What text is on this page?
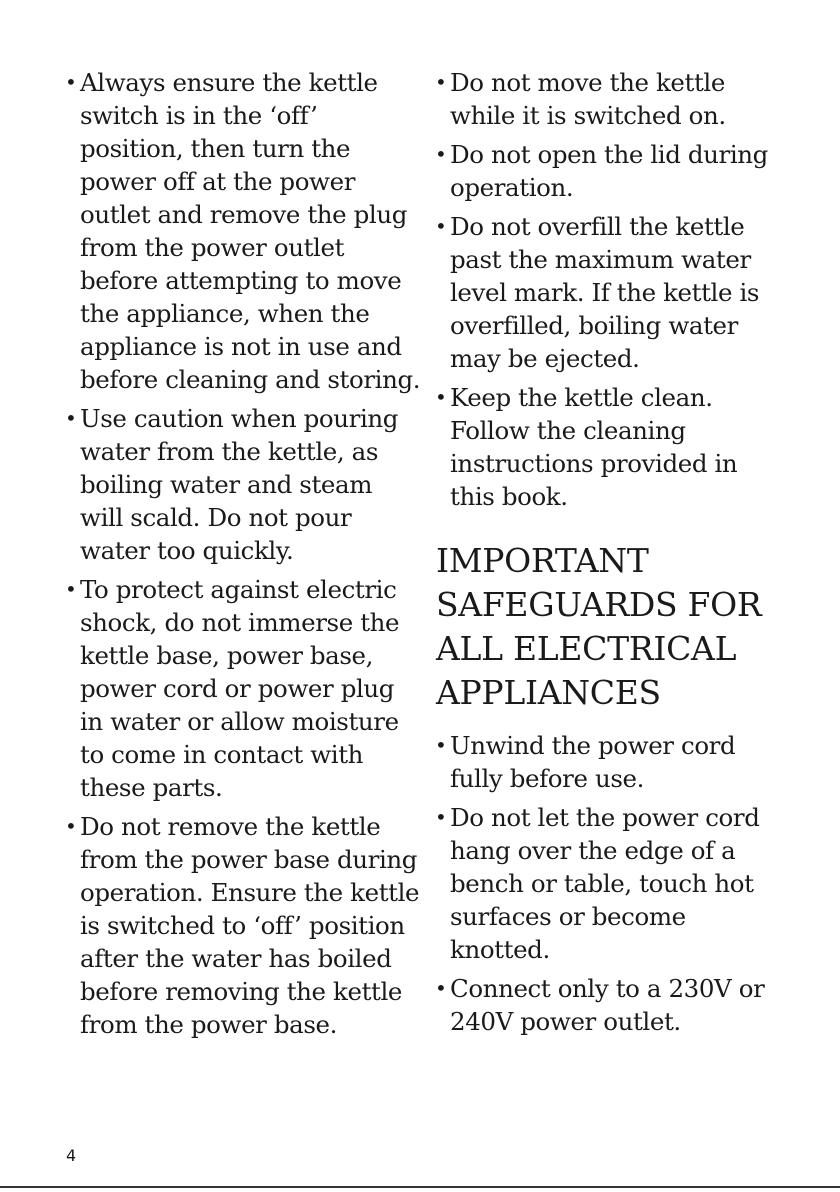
• Always ensure the kettle switch is in the ‘off’ position, then turn the power off at the power outlet and remove the plug from the power outlet before attempting to move the appliance, when the appliance is not in use and before cleaning and storing.
• Use caution when pouring water from the kettle, as boiling water and steam will scald. Do not pour water too quickly.
• To protect against electric shock, do not immerse the kettle base, power base, power cord or power plug in water or allow moisture to come in contact with these parts.
• Do not remove the kettle from the power base during operation. Ensure the kettle is switched to ‘off’ position after the water has boiled before removing the kettle from the power base.
• Do not move the kettle while it is switched on.
• Do not open the lid during operation.
• Do not overfill the kettle past the maximum water level mark. If the kettle is overfilled, boiling water may be ejected.
• Keep the kettle clean. Follow the cleaning instructions provided in this book.
IMPORTANT SAFEGUARDS FOR ALL ELECTRICAL APPLIANCES
• Unwind the power cord fully before use.
• Do not let the power cord hang over the edge of a bench or table, touch hot surfaces or become knotted.
• Connect only to a 230V or 240V power outlet.
4
